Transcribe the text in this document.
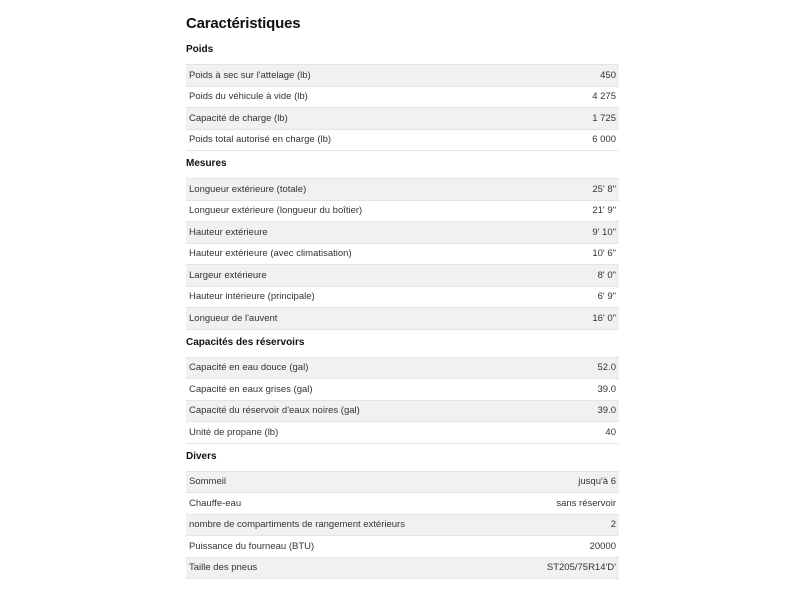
Caractéristiques
Poids
Poids à sec sur l'attelage (lb)	450
Poids du véhicule à vide (lb)	4 275
Capacité de charge (lb)	1 725
Poids total autorisé en charge (lb)	6 000
Mesures
Longueur extérieure (totale)	25' 8"
Longueur extérieure (longueur du boîtier)	21' 9"
Hauteur extérieure	9' 10"
Hauteur extérieure (avec climatisation)	10' 6"
Largeur extérieure	8' 0"
Hauteur intérieure (principale)	6' 9"
Longueur de l'auvent	16' 0"
Capacités des réservoirs
Capacité en eau douce (gal)	52.0
Capacité en eaux grises (gal)	39.0
Capacité du réservoir d'eaux noires (gal)	39.0
Unité de propane (lb)	40
Divers
Sommeil	jusqu'à 6
Chauffe-eau	sans réservoir
nombre de compartiments de rangement extérieurs	2
Puissance du fourneau (BTU)	20000
Taille des pneus	ST205/75R14'D'
